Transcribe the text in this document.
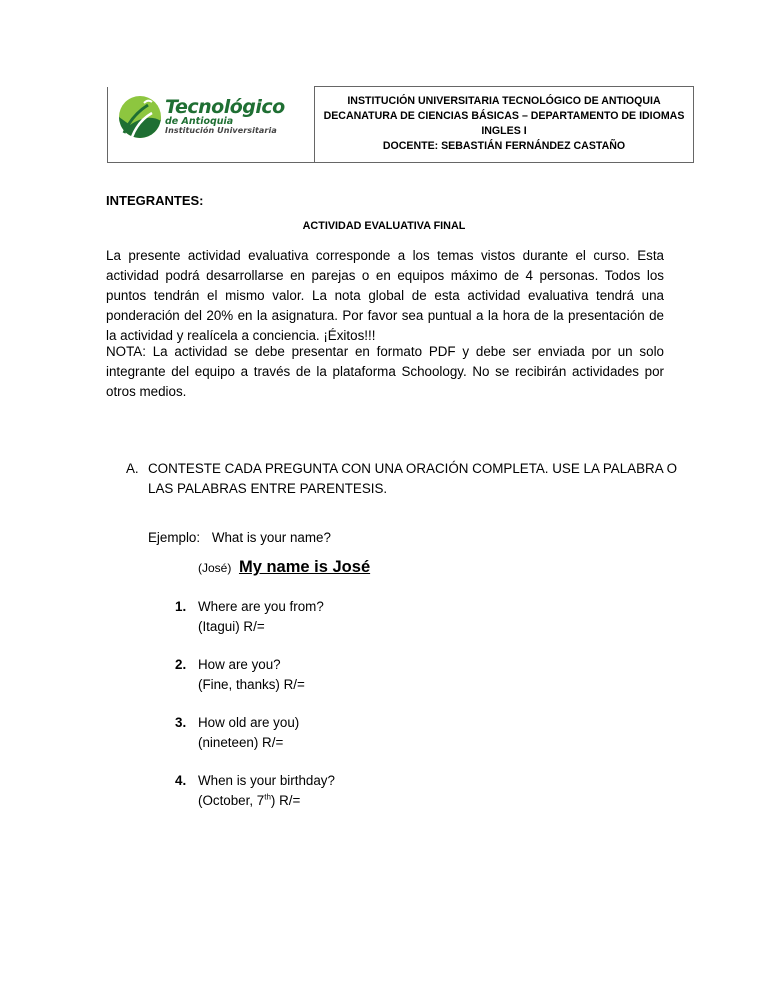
Tecnológico
de Antioquia
Institución Universitaria

INSTITUCIÓN UNIVERSITARIA TECNOLÓGICO DE ANTIOQUIA
DECANATURA DE CIENCIAS BÁSICAS – DEPARTAMENTO DE IDIOMAS
INGLES I
DOCENTE: SEBASTIÁN FERNÁNDEZ CASTAÑO
INTEGRANTES:
ACTIVIDAD EVALUATIVA FINAL

La presente actividad evaluativa corresponde a los temas vistos durante el curso. Esta actividad podrá desarrollarse en parejas o en equipos máximo de 4 personas. Todos los puntos tendrán el mismo valor. La nota global de esta actividad evaluativa tendrá una ponderación del 20% en la asignatura. Por favor sea puntual a la hora de la presentación de la actividad y realícela a conciencia. ¡Éxitos!!!

NOTA: La actividad se debe presentar en formato PDF y debe ser enviada por un solo integrante del equipo a través de la plataforma Schoology. No se recibirán actividades por otros medios.

A. CONTESTE CADA PREGUNTA CON UNA ORACIÓN COMPLETA. USE LA PALABRA O LAS PALABRAS ENTRE PARENTESIS.
Ejemplo: What is your name?
(José) My name is José
1. Where are you from?
(Itagui) R/=
2. How are you?
(Fine, thanks) R/=
3. How old are you)
(nineteen) R/=
4. When is your birthday?
(October, 7th) R/=
